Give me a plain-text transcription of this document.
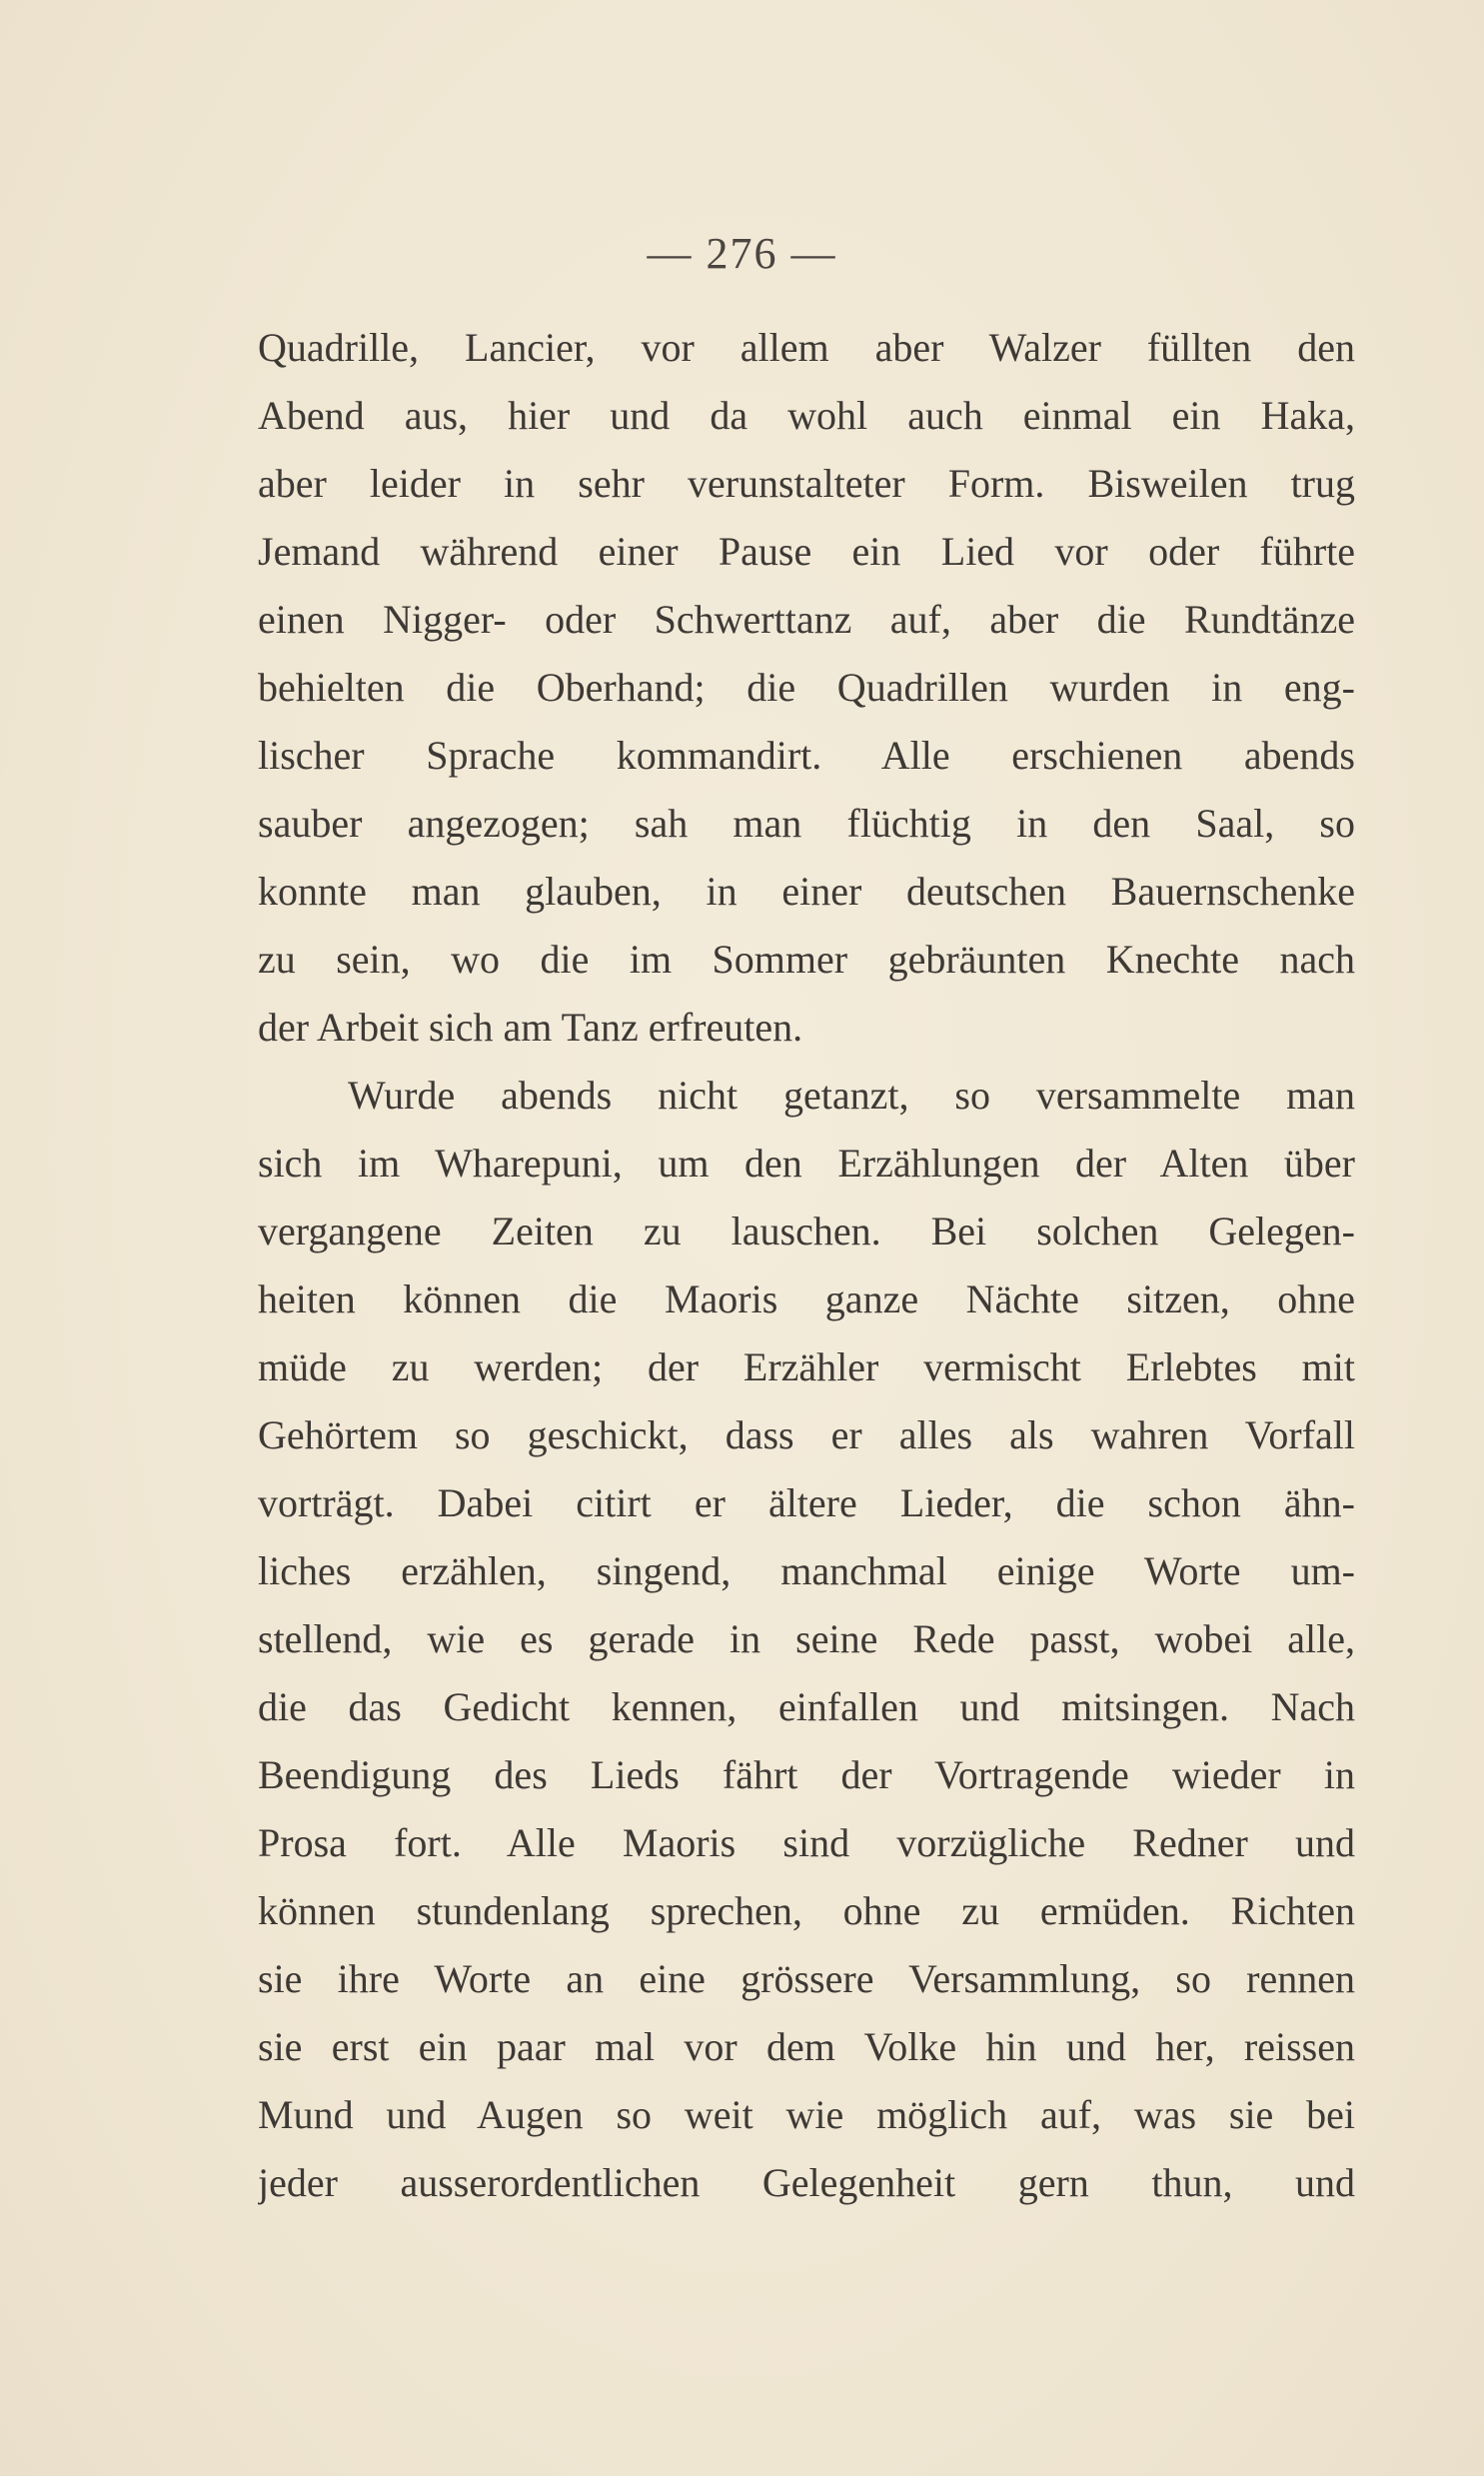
— 276 —
Quadrille, Lancier, vor allem aber Walzer füllten den
Abend aus, hier und da wohl auch einmal ein Haka,
aber leider in sehr verunstalteter Form. Bisweilen trug
Jemand während einer Pause ein Lied vor oder führte
einen Nigger- oder Schwerttanz auf, aber die Rundtänze
behielten die Oberhand; die Quadrillen wurden in eng-
lischer Sprache kommandirt. Alle erschienen abends
sauber angezogen; sah man flüchtig in den Saal, so
konnte man glauben, in einer deutschen Bauernschenke
zu sein, wo die im Sommer gebräunten Knechte nach
der Arbeit sich am Tanz erfreuten.
Wurde abends nicht getanzt, so versammelte man
sich im Wharepuni, um den Erzählungen der Alten über
vergangene Zeiten zu lauschen. Bei solchen Gelegen-
heiten können die Maoris ganze Nächte sitzen, ohne
müde zu werden; der Erzähler vermischt Erlebtes mit
Gehörtem so geschickt, dass er alles als wahren Vorfall
vorträgt. Dabei citirt er ältere Lieder, die schon ähn-
liches erzählen, singend, manchmal einige Worte um-
stellend, wie es gerade in seine Rede passt, wobei alle,
die das Gedicht kennen, einfallen und mitsingen. Nach
Beendigung des Lieds fährt der Vortragende wieder in
Prosa fort. Alle Maoris sind vorzügliche Redner und
können stundenlang sprechen, ohne zu ermüden. Richten
sie ihre Worte an eine grössere Versammlung, so rennen
sie erst ein paar mal vor dem Volke hin und her, reissen
Mund und Augen so weit wie möglich auf, was sie bei
jeder ausserordentlichen Gelegenheit gern thun, und
